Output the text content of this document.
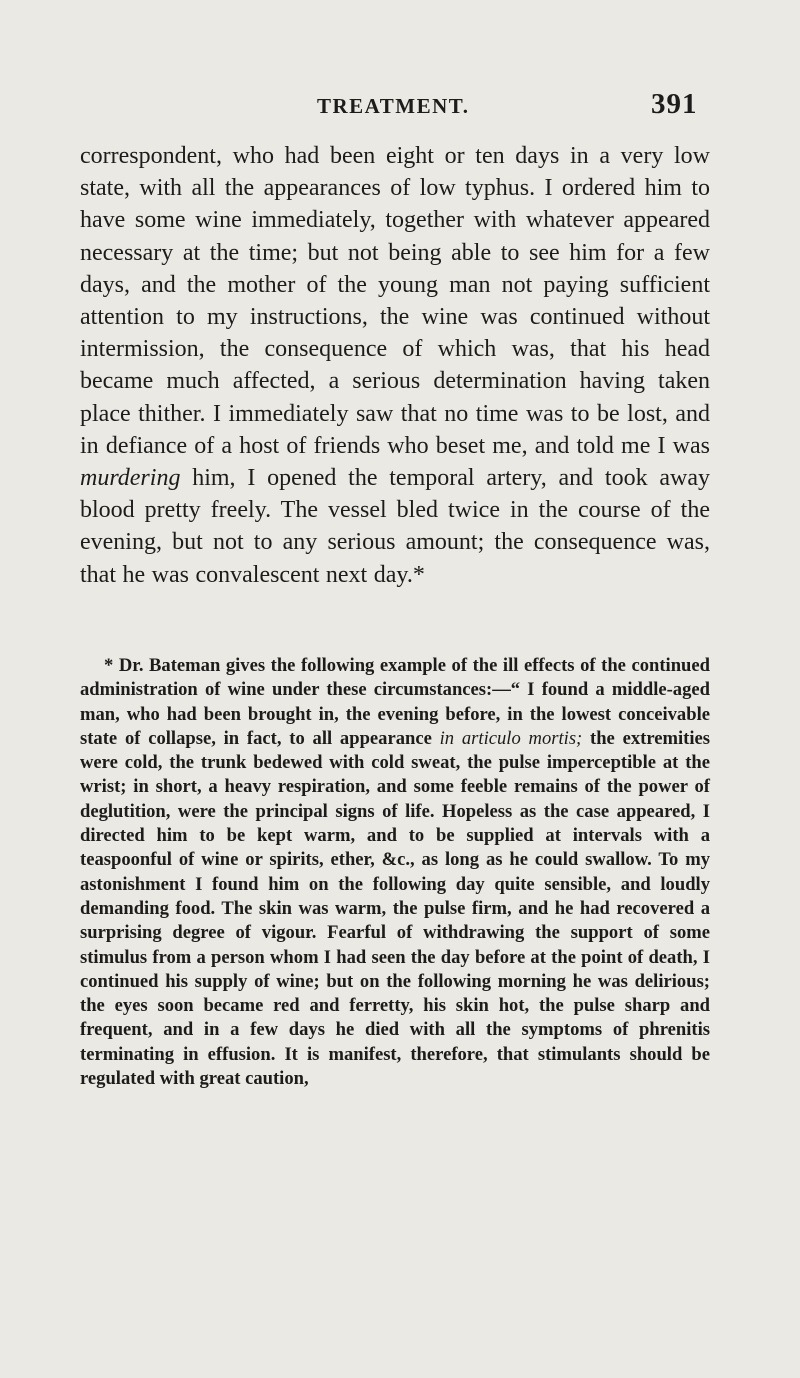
TREATMENT.	391

correspondent, who had been eight or ten days in a very low state, with all the appearances of low typhus. I ordered him to have some wine immediately, together with whatever appeared necessary at the time; but not being able to see him for a few days, and the mother of the young man not paying sufficient attention to my instructions, the wine was continued without intermission, the consequence of which was, that his head became much affected, a serious determination having taken place thither. I immediately saw that no time was to be lost, and in defiance of a host of friends who beset me, and told me I was murdering him, I opened the temporal artery, and took away blood pretty freely. The vessel bled twice in the course of the evening, but not to any serious amount; the consequence was, that he was convalescent next day.*

* Dr. Bateman gives the following example of the ill effects of the continued administration of wine under these circumstances:—“ I found a middle-aged man, who had been brought in, the evening before, in the lowest conceivable state of collapse, in fact, to all appearance in articulo mortis; the extremities were cold, the trunk bedewed with cold sweat, the pulse imperceptible at the wrist; in short, a heavy respiration, and some feeble remains of the power of deglutition, were the principal signs of life. Hopeless as the case appeared, I directed him to be kept warm, and to be supplied at intervals with a teaspoonful of wine or spirits, ether, &c., as long as he could swallow. To my astonishment I found him on the following day quite sensible, and loudly demanding food. The skin was warm, the pulse firm, and he had recovered a surprising degree of vigour. Fearful of withdrawing the support of some stimulus from a person whom I had seen the day before at the point of death, I continued his supply of wine; but on the following morning he was delirious; the eyes soon became red and ferretty, his skin hot, the pulse sharp and frequent, and in a few days he died with all the symptoms of phrenitis terminating in effusion. It is manifest, therefore, that stimulants should be regulated with great caution,
